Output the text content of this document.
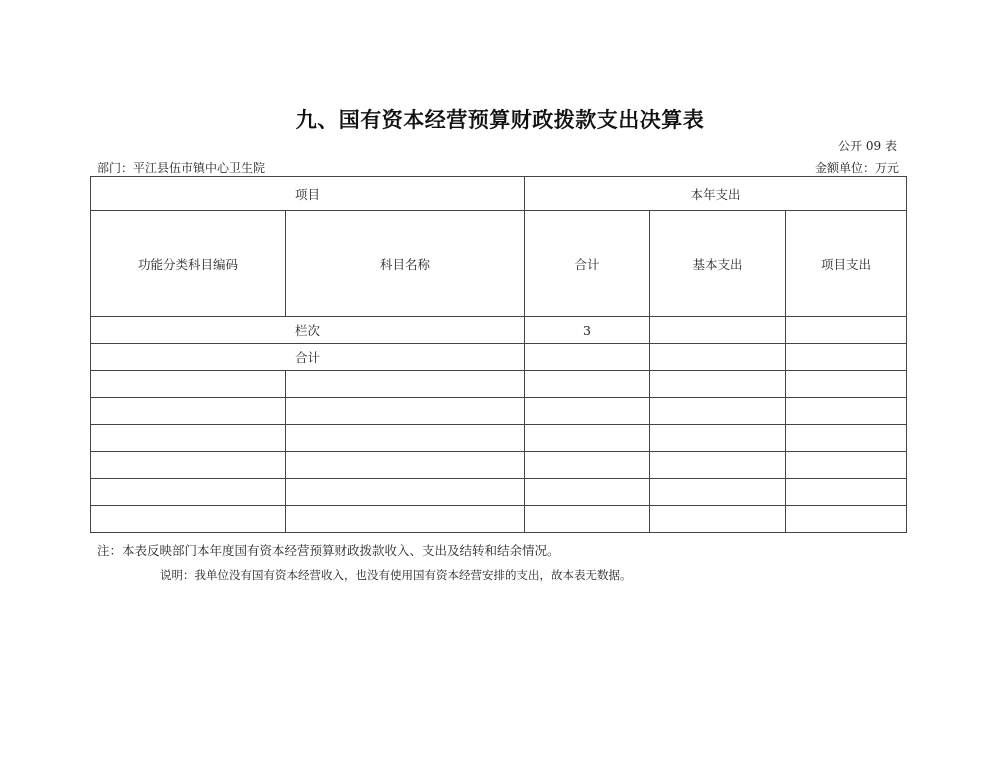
九、国有资本经营预算财政拨款支出决算表
公开 09 表
部门：平江县伍市镇中心卫生院	金额单位：万元
项目		本年支出		
功能分类科目编码	科目名称	合计	基本支出	项目支出
栏次		3		
合计				

注：本表反映部门本年度国有资本经营预算财政拨款收入、支出及结转和结余情况。
说明：我单位没有国有资本经营收入，也没有使用国有资本经营安排的支出，故本表无数据。
